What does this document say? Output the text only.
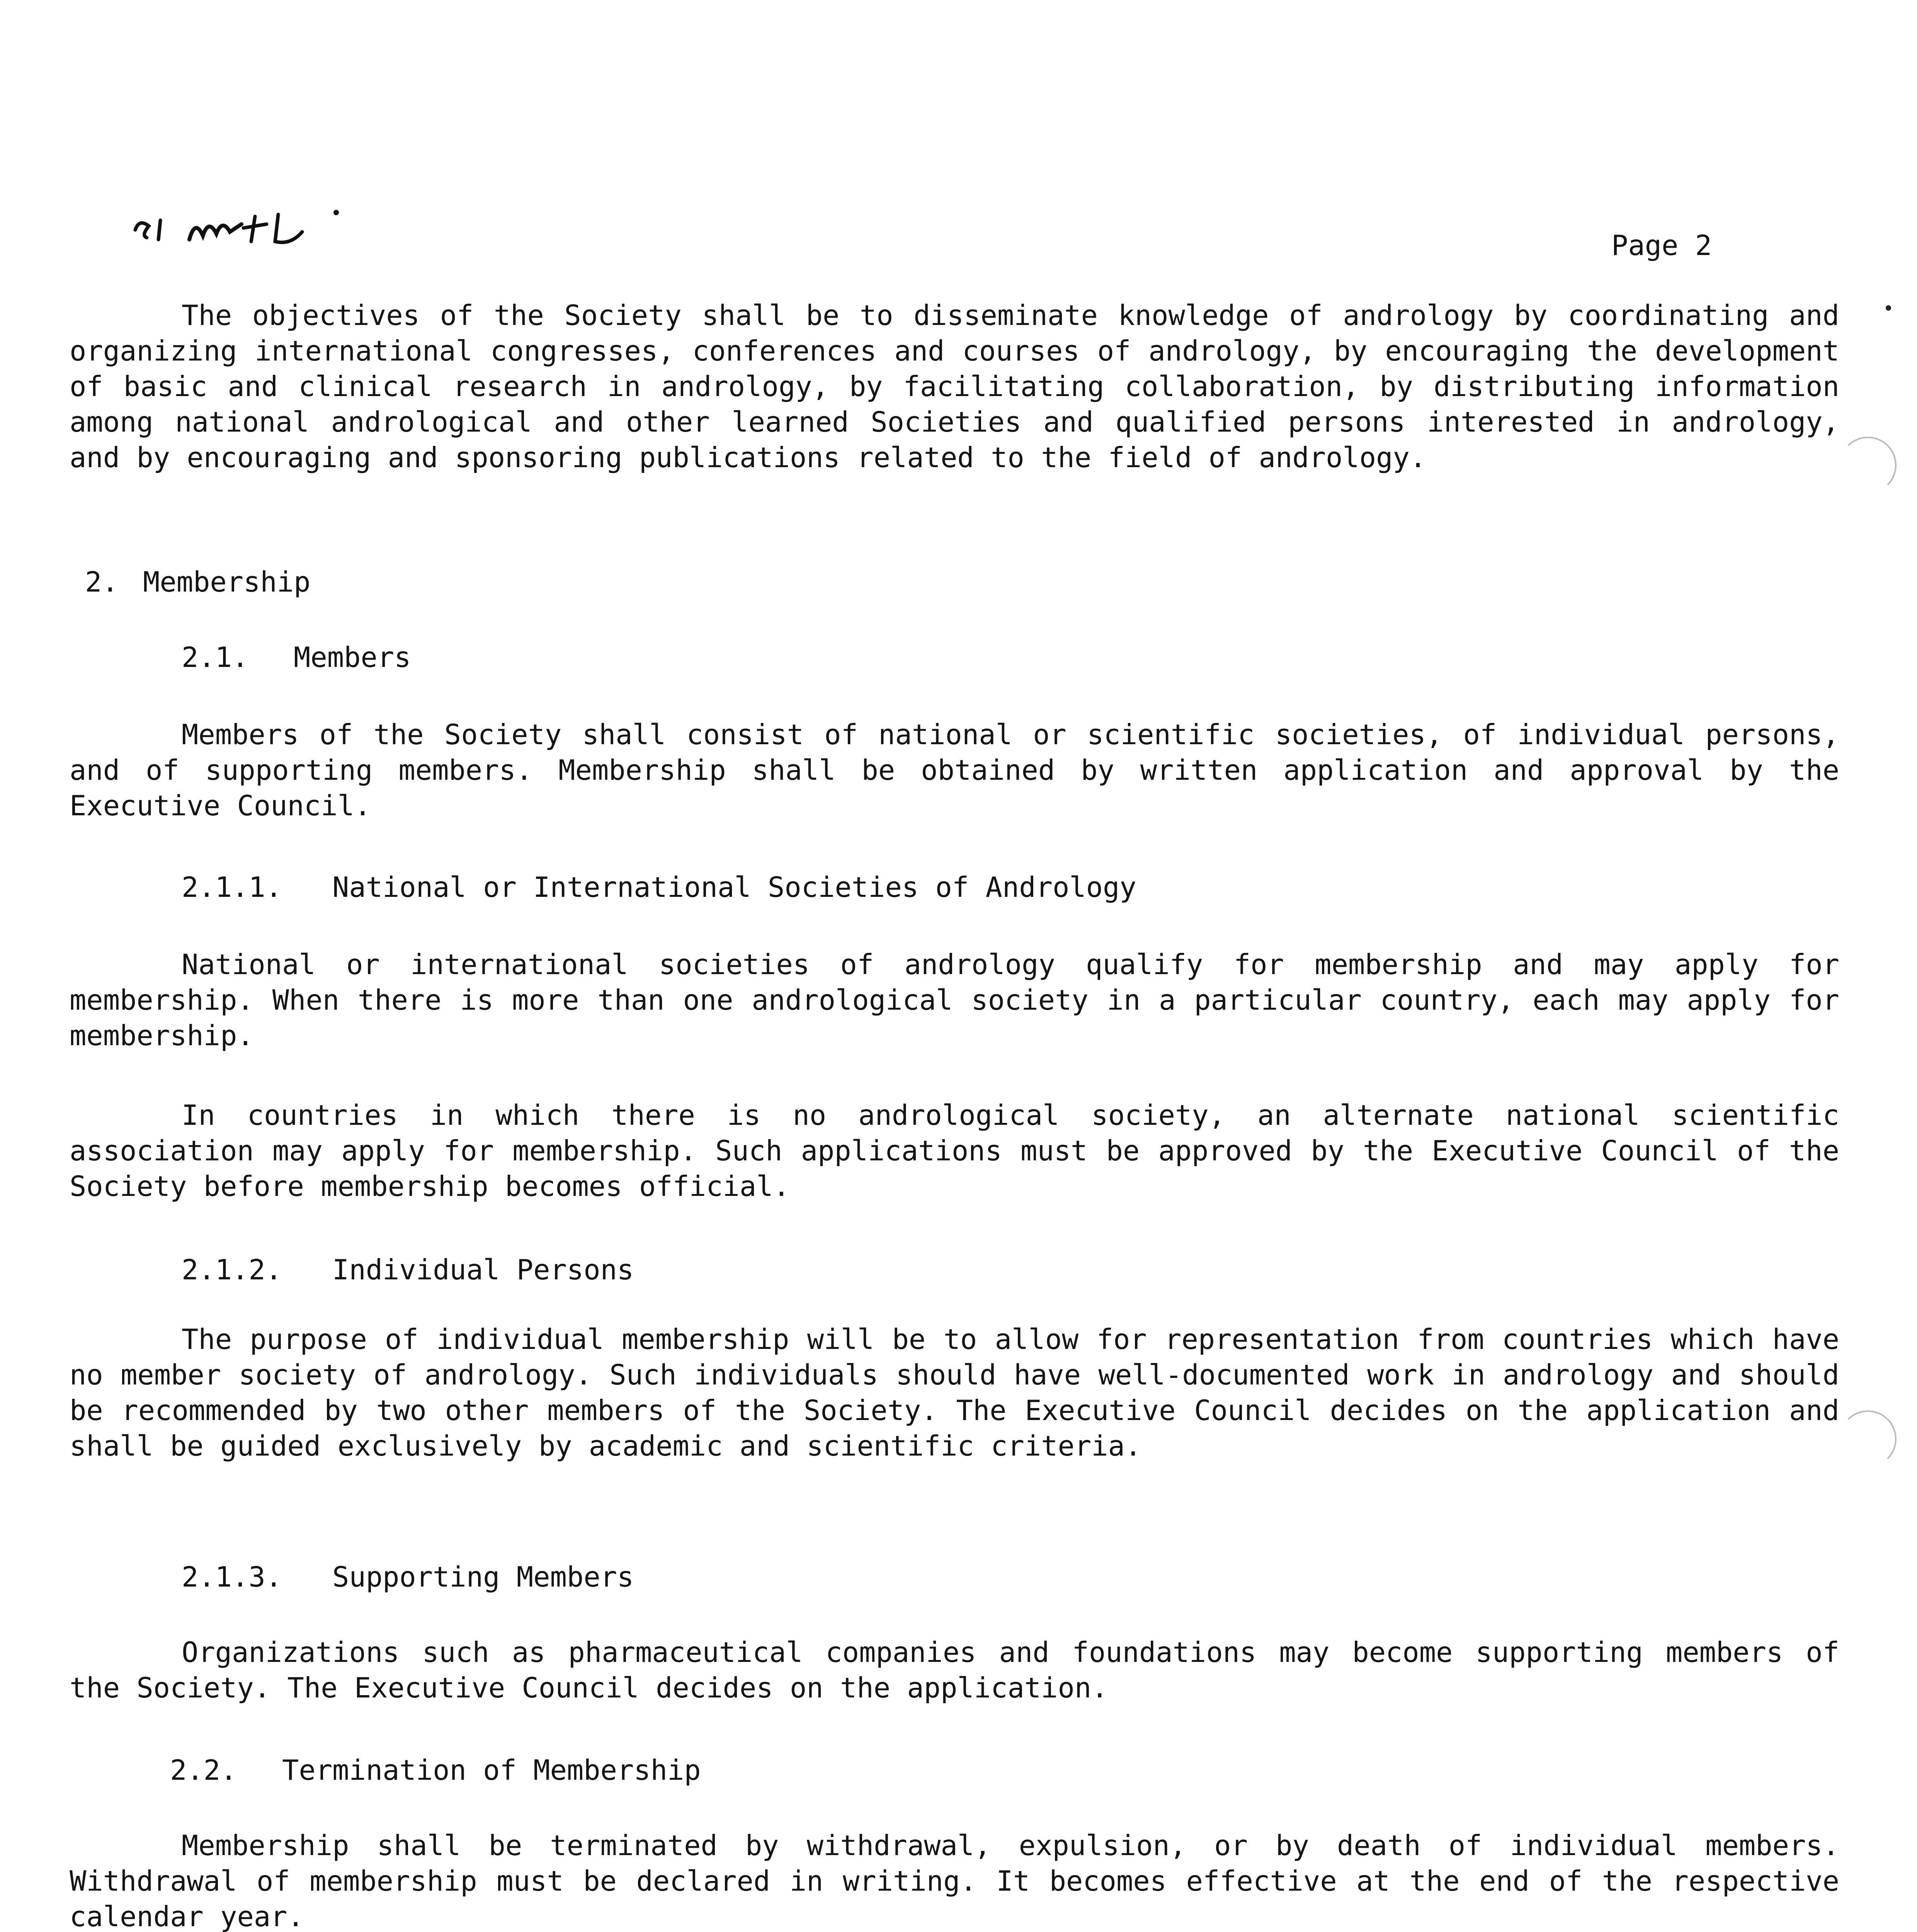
Page 2

The objectives of the Society shall be to disseminate knowledge of andrology by coordinating and organizing international congresses, conferences and courses of andrology, by encouraging the development of basic and clinical research in andrology, by facilitating collaboration, by distributing information among national andrological and other learned Societies and qualified persons interested in andrology, and by encouraging and sponsoring publications related to the field of andrology.

2. Membership
2.1. Members

Members of the Society shall consist of national or scientific societies, of individual persons, and of supporting members. Membership shall be obtained by written application and approval by the Executive Council.

2.1.1. National or International Societies of Andrology

National or international societies of andrology qualify for membership and may apply for membership. When there is more than one andrological society in a particular country, each may apply for membership.

In countries in which there is no andrological society, an alternate national scientific association may apply for membership. Such applications must be approved by the Executive Council of the Society before membership becomes official.

2.1.2. Individual Persons

The purpose of individual membership will be to allow for representation from countries which have no member society of andrology. Such individuals should have well-documented work in andrology and should be recommended by two other members of the Society. The Executive Council decides on the application and shall be guided exclusively by academic and scientific criteria.

2.1.3. Supporting Members

Organizations such as pharmaceutical companies and foundations may become supporting members of the Society. The Executive Council decides on the application.

2.2. Termination of Membership

Membership shall be terminated by withdrawal, expulsion, or by death of individual members. Withdrawal of membership must be declared in writing. It becomes effective at the end of the respective calendar year.
